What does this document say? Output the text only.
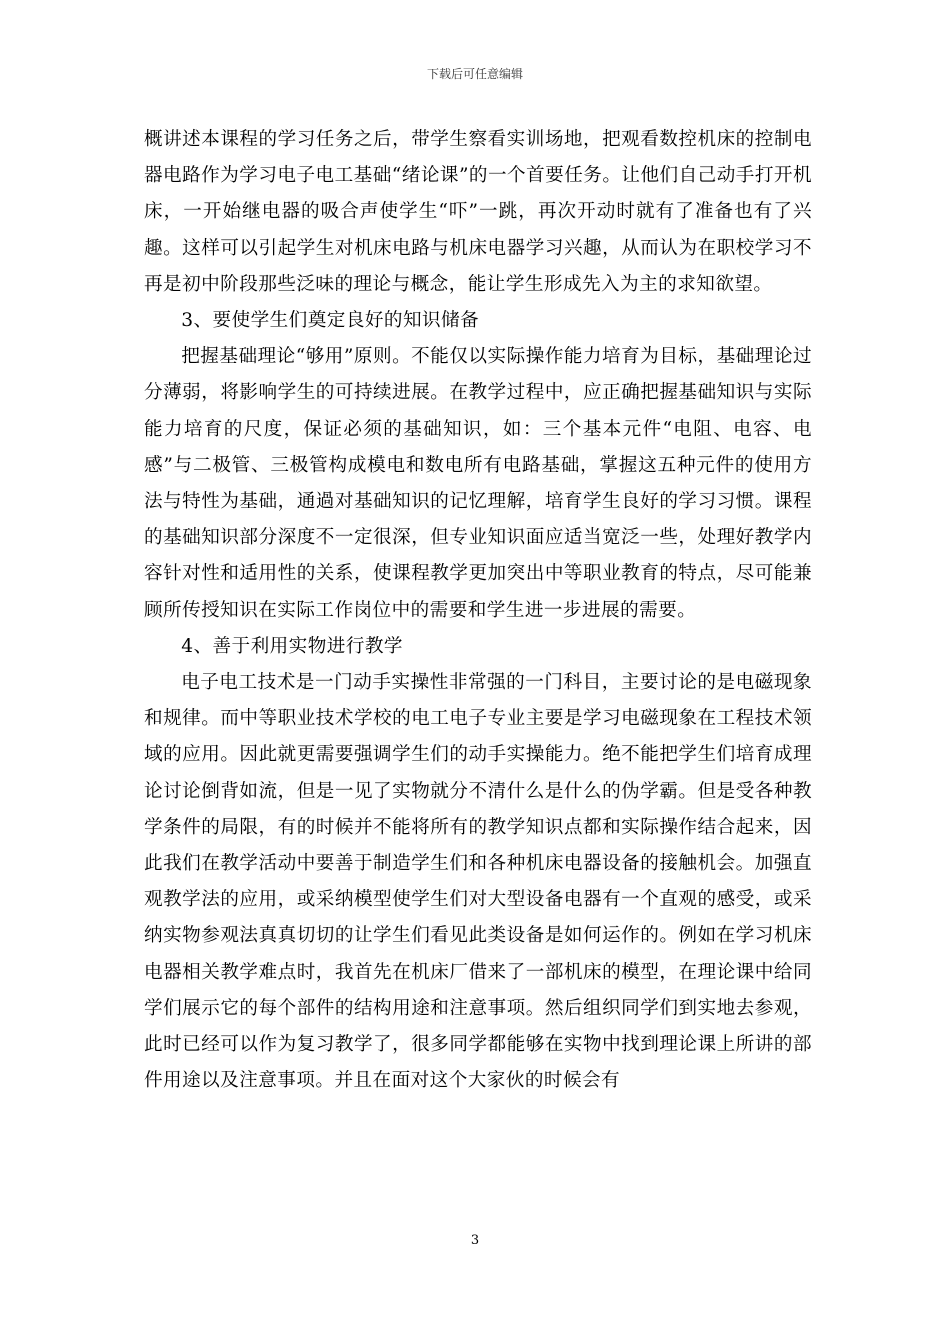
下载后可任意编辑

概讲述本课程的学习任务之后，带学生察看实训场地，把观看数控机床的控制电器电路作为学习电子电工基础“绪论课”的一个首要任务。让他们自己动手打开机床，一开始继电器的吸合声使学生“吓”一跳，再次开动时就有了准备也有了兴趣。这样可以引起学生对机床电路与机床电器学习兴趣，从而认为在职校学习不再是初中阶段那些泛味的理论与概念，能让学生形成先入为主的求知欲望。

3、要使学生们奠定良好的知识储备

把握基础理论“够用”原则。不能仅以实际操作能力培育为目标，基础理论过分薄弱，将影响学生的可持续进展。在教学过程中，应正确把握基础知识与实际能力培育的尺度，保证必须的基础知识，如：三个基本元件“电阻、电容、电感”与二极管、三极管构成模电和数电所有电路基础，掌握这五种元件的使用方法与特性为基础，通過对基础知识的记忆理解，培育学生良好的学习习惯。课程的基础知识部分深度不一定很深，但专业知识面应适当宽泛一些，处理好教学内容针对性和适用性的关系，使课程教学更加突出中等职业教育的特点，尽可能兼顾所传授知识在实际工作岗位中的需要和学生进一步进展的需要。

4、善于利用实物进行教学

电子电工技术是一门动手实操性非常强的一门科目，主要讨论的是电磁现象和规律。而中等职业技术学校的电工电子专业主要是学习电磁现象在工程技术领域的应用。因此就更需要强调学生们的动手实操能力。绝不能把学生们培育成理论讨论倒背如流，但是一见了实物就分不清什么是什么的伪学霸。但是受各种教学条件的局限，有的时候并不能将所有的教学知识点都和实际操作结合起来，因此我们在教学活动中要善于制造学生们和各种机床电器设备的接触机会。加强直观教学法的应用，或采纳模型使学生们对大型设备电器有一个直观的感受，或采纳实物参观法真真切切的让学生们看见此类设备是如何运作的。例如在学习机床电器相关教学难点时，我首先在机床厂借来了一部机床的模型，在理论课中给同学们展示它的每个部件的结构用途和注意事项。然后组织同学们到实地去参观，此时已经可以作为复习教学了，很多同学都能够在实物中找到理论课上所讲的部件用途以及注意事项。并且在面对这个大家伙的时候会有

3
